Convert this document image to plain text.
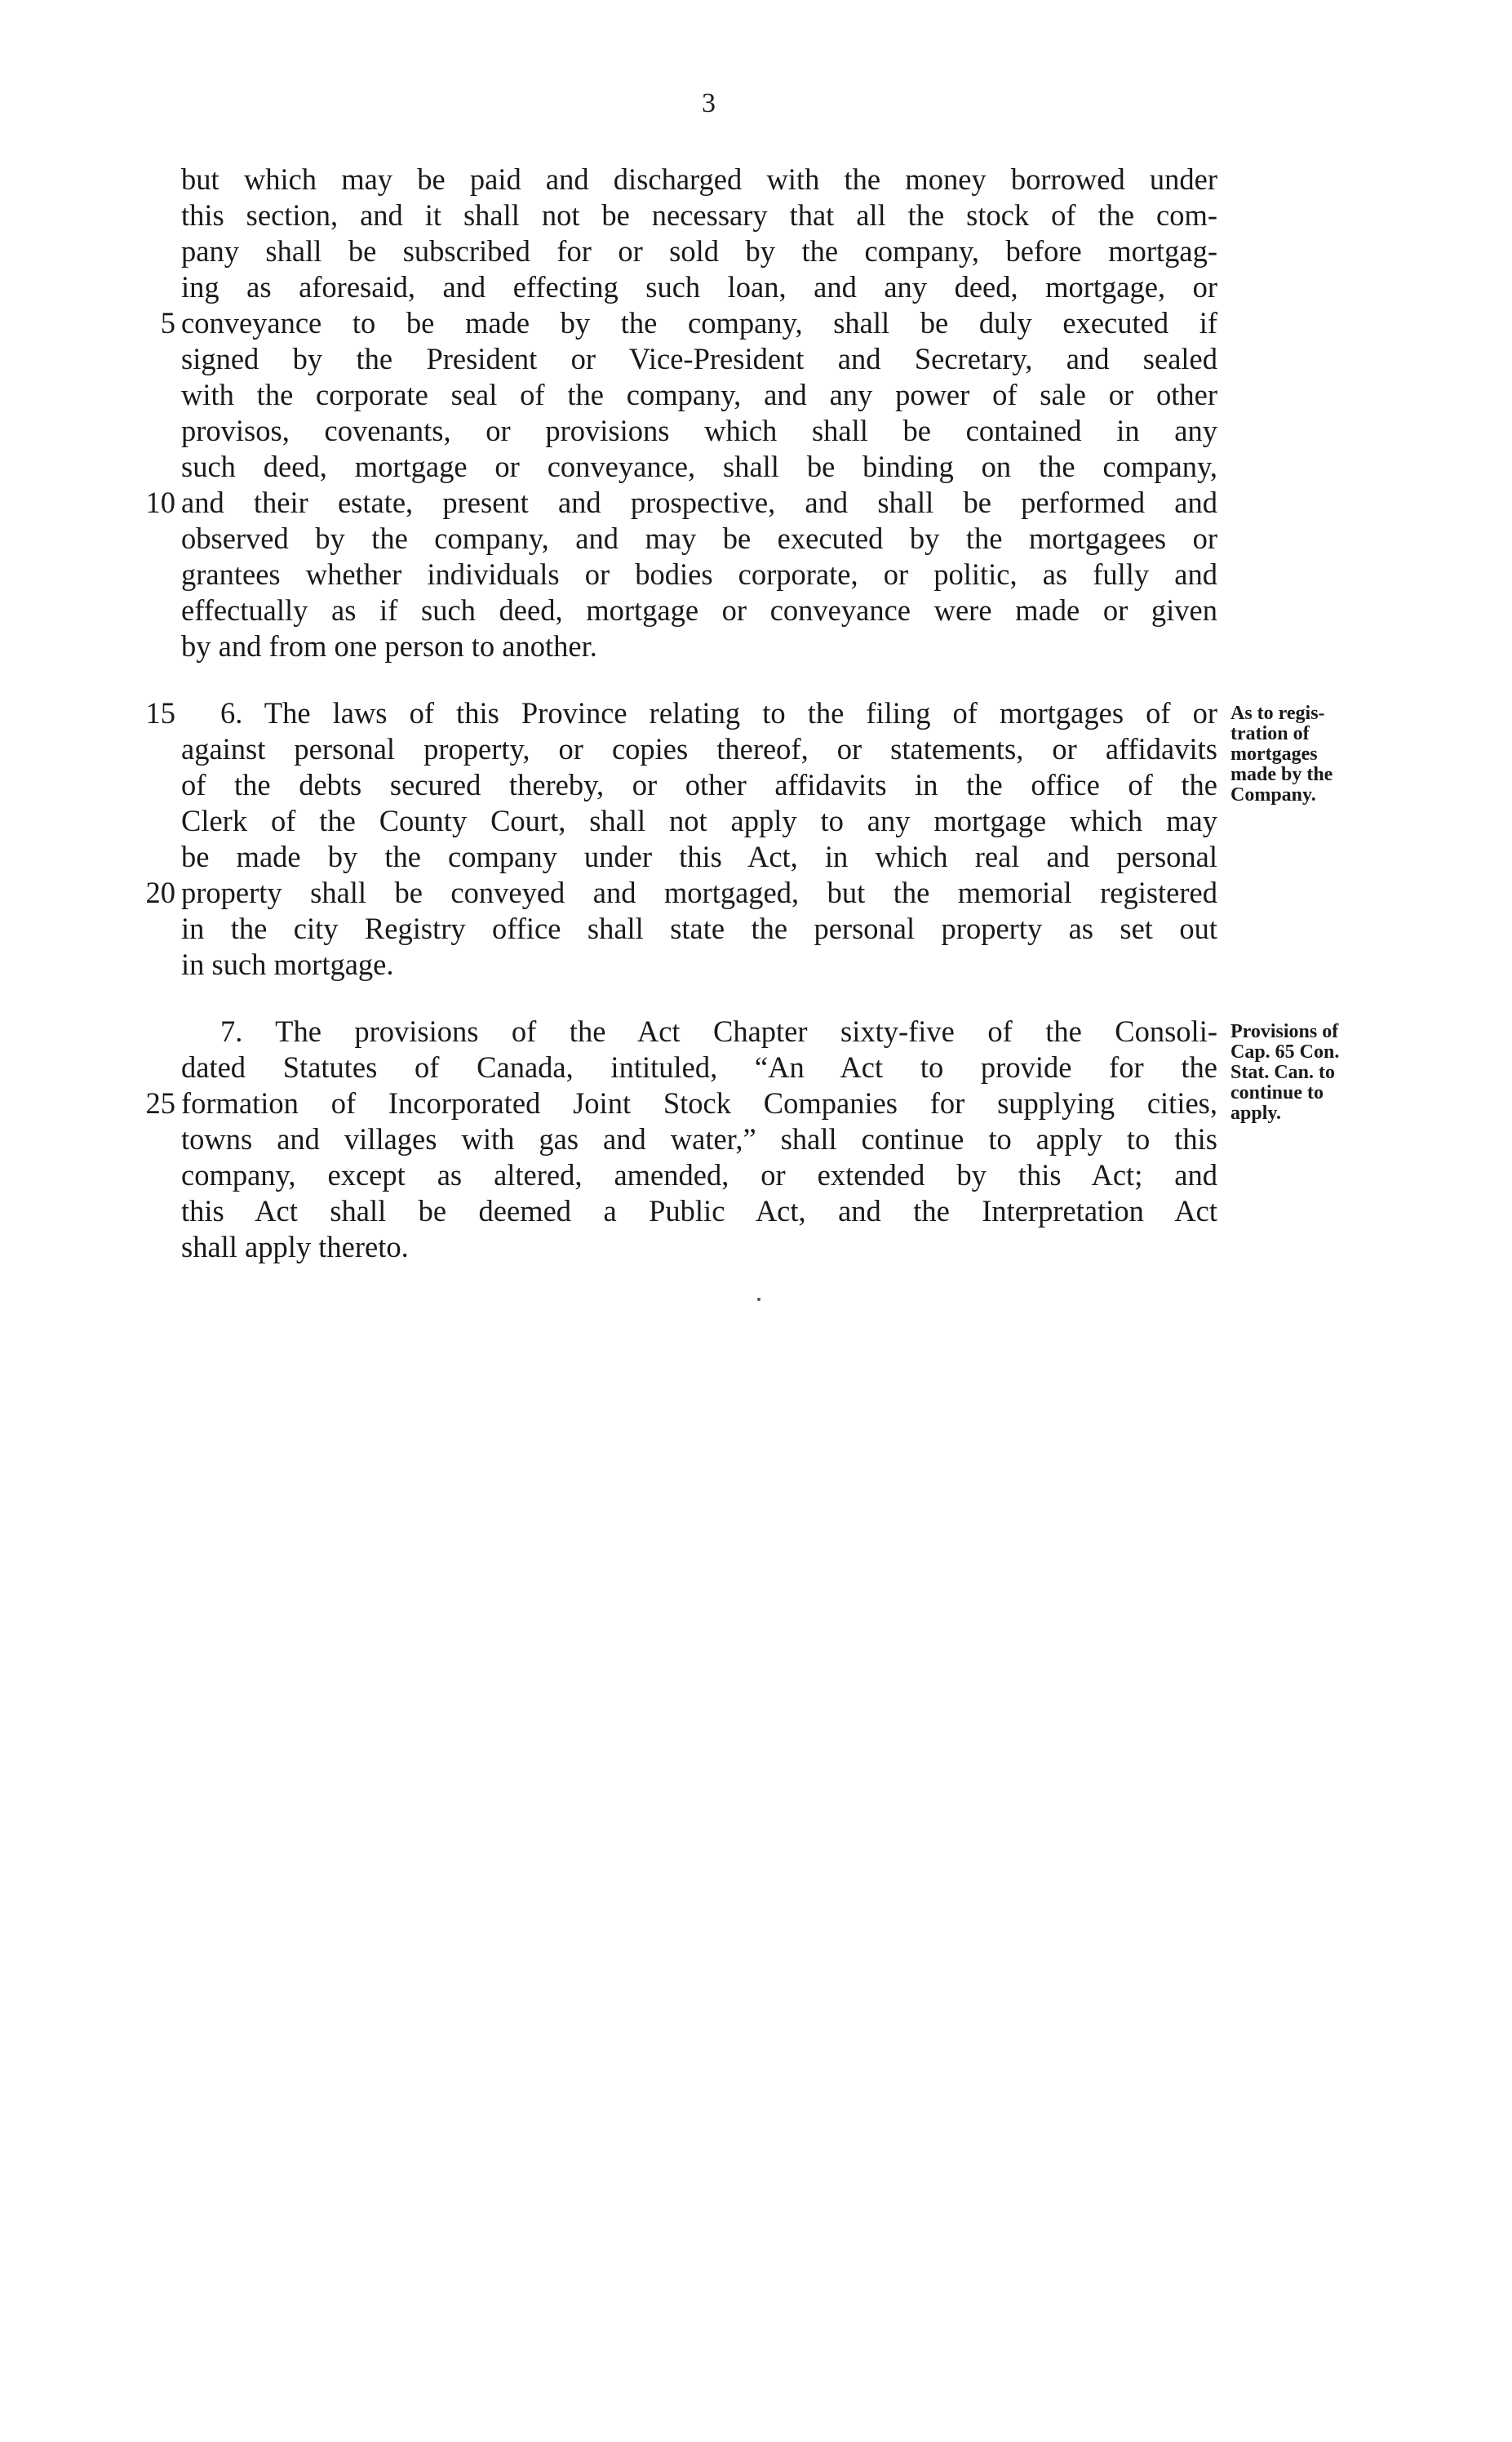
3
but which may be paid and discharged with the money borrowed under
this section, and it shall not be necessary that all the stock of the com-
pany shall be subscribed for or sold by the company, before mortgag-
ing as aforesaid, and effecting such loan, and any deed, mortgage, or
5 conveyance to be made by the company, shall be duly executed if
signed by the President or Vice-President and Secretary, and sealed
with the corporate seal of the company, and any power of sale or other
provisos, covenants, or provisions which shall be contained in any
such deed, mortgage or conveyance, shall be binding on the company,
10 and their estate, present and prospective, and shall be performed and
observed by the company, and may be executed by the mortgagees or
grantees whether individuals or bodies corporate, or politic, as fully and
effectually as if such deed, mortgage or conveyance were made or given
by and from one person to another.
15 6. The laws of this Province relating to the filing of mortgages of or
against personal property, or copies thereof, or statements, or affidavits
of the debts secured thereby, or other affidavits in the office of the
Clerk of the County Court, shall not apply to any mortgage which may
be made by the company under this Act, in which real and personal
20 property shall be conveyed and mortgaged, but the memorial registered
in the city Registry office shall state the personal property as set out
in such mortgage.
As to regis-
tration of
mortgages
made by the
Company.
7. The provisions of the Act Chapter sixty-five of the Consoli-
dated Statutes of Canada, intituled, “An Act to provide for the
25 formation of Incorporated Joint Stock Companies for supplying cities,
towns and villages with gas and water,” shall continue to apply to this
company, except as altered, amended, or extended by this Act; and
this Act shall be deemed a Public Act, and the Interpretation Act
shall apply thereto.
Provisions of
Cap. 65 Con.
Stat. Can. to
continue to
apply.
